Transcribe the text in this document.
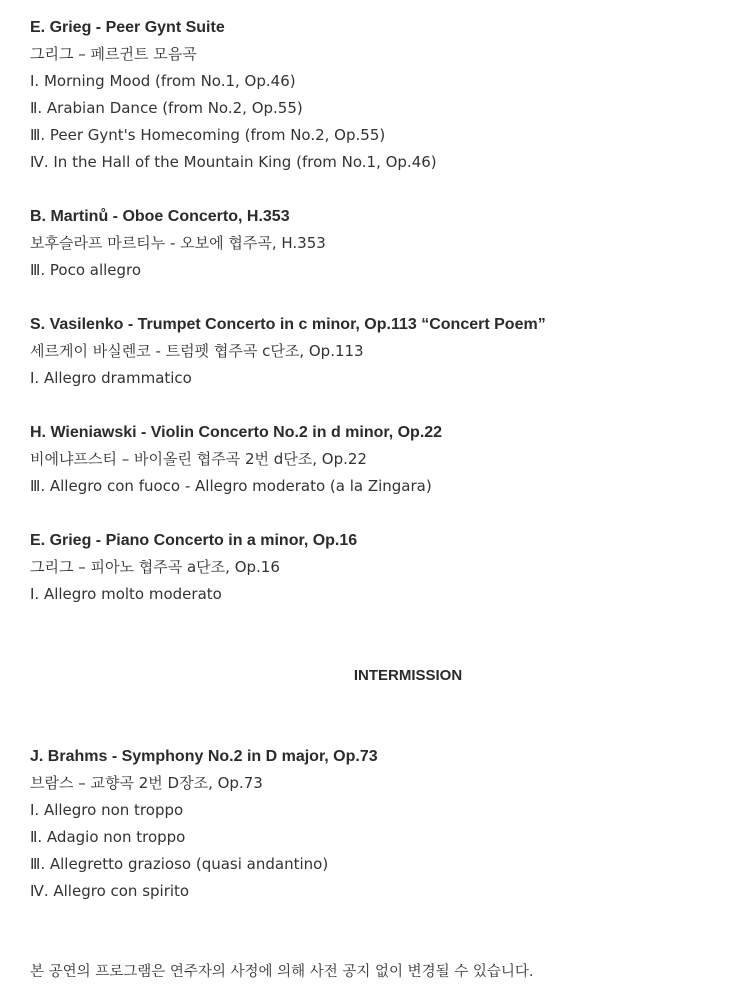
E. Grieg - Peer Gynt Suite
그리그 – 페르귄트 모음곡
Ⅰ. Morning Mood (from No.1, Op.46)
Ⅱ. Arabian Dance (from No.2, Op.55)
Ⅲ. Peer Gynt's Homecoming (from No.2, Op.55)
Ⅳ. In the Hall of the Mountain King (from No.1, Op.46)
B. Martinů - Oboe Concerto, H.353
보후슬라프 마르티누 - 오보에 협주곡, H.353
Ⅲ. Poco allegro
S. Vasilenko - Trumpet Concerto in c minor, Op.113 “Concert Poem”
세르게이 바실렌코 - 트럼펫 협주곡 c단조, Op.113
Ⅰ. Allegro drammatico
H. Wieniawski - Violin Concerto No.2 in d minor, Op.22
비에냐프스티 – 바이올린 협주곡 2번 d단조, Op.22
Ⅲ. Allegro con fuoco - Allegro moderato (a la Zingara)
E. Grieg - Piano Concerto in a minor, Op.16
그리그 – 피아노 협주곡 a단조, Op.16
Ⅰ. Allegro molto moderato
INTERMISSION
J. Brahms - Symphony No.2 in D major, Op.73
브람스 – 교향곡 2번 D장조, Op.73
Ⅰ. Allegro non troppo
Ⅱ. Adagio non troppo
Ⅲ. Allegretto grazioso (quasi andantino)
Ⅳ. Allegro con spirito
본 공연의 프로그램은 연주자의 사정에 의해 사전 공지 없이 변경될 수 있습니다.
